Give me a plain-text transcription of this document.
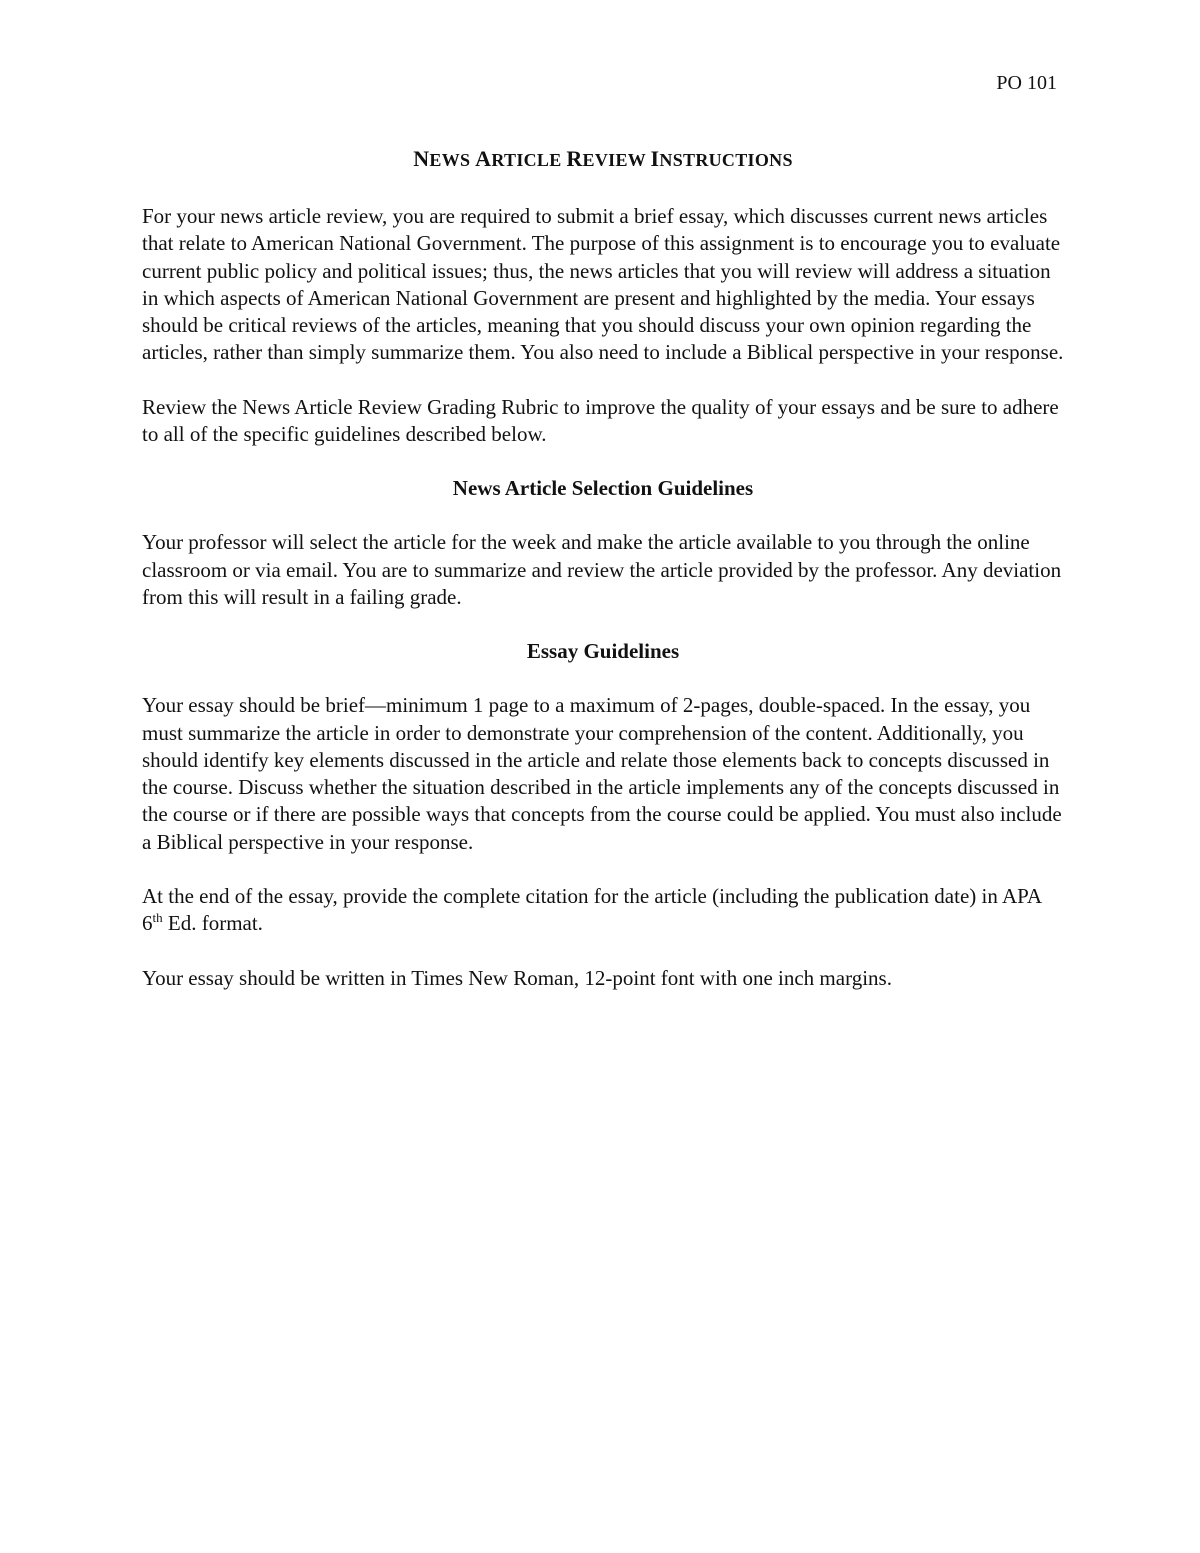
PO 101
NEWS ARTICLE REVIEW INSTRUCTIONS

For your news article review, you are required to submit a brief essay, which discusses current news articles that relate to American National Government. The purpose of this assignment is to encourage you to evaluate current public policy and political issues; thus, the news articles that you will review will address a situation in which aspects of American National Government are present and highlighted by the media. Your essays should be critical reviews of the articles, meaning that you should discuss your own opinion regarding the articles, rather than simply summarize them. You also need to include a Biblical perspective in your response.

Review the News Article Review Grading Rubric to improve the quality of your essays and be sure to adhere to all of the specific guidelines described below.

News Article Selection Guidelines

Your professor will select the article for the week and make the article available to you through the online classroom or via email. You are to summarize and review the article provided by the professor. Any deviation from this will result in a failing grade.

Essay Guidelines

Your essay should be brief—minimum 1 page to a maximum of 2-pages, double-spaced. In the essay, you must summarize the article in order to demonstrate your comprehension of the content. Additionally, you should identify key elements discussed in the article and relate those elements back to concepts discussed in the course. Discuss whether the situation described in the article implements any of the concepts discussed in the course or if there are possible ways that concepts from the course could be applied. You must also include a Biblical perspective in your response.

At the end of the essay, provide the complete citation for the article (including the publication date) in APA 6th Ed. format.

Your essay should be written in Times New Roman, 12-point font with one inch margins.
